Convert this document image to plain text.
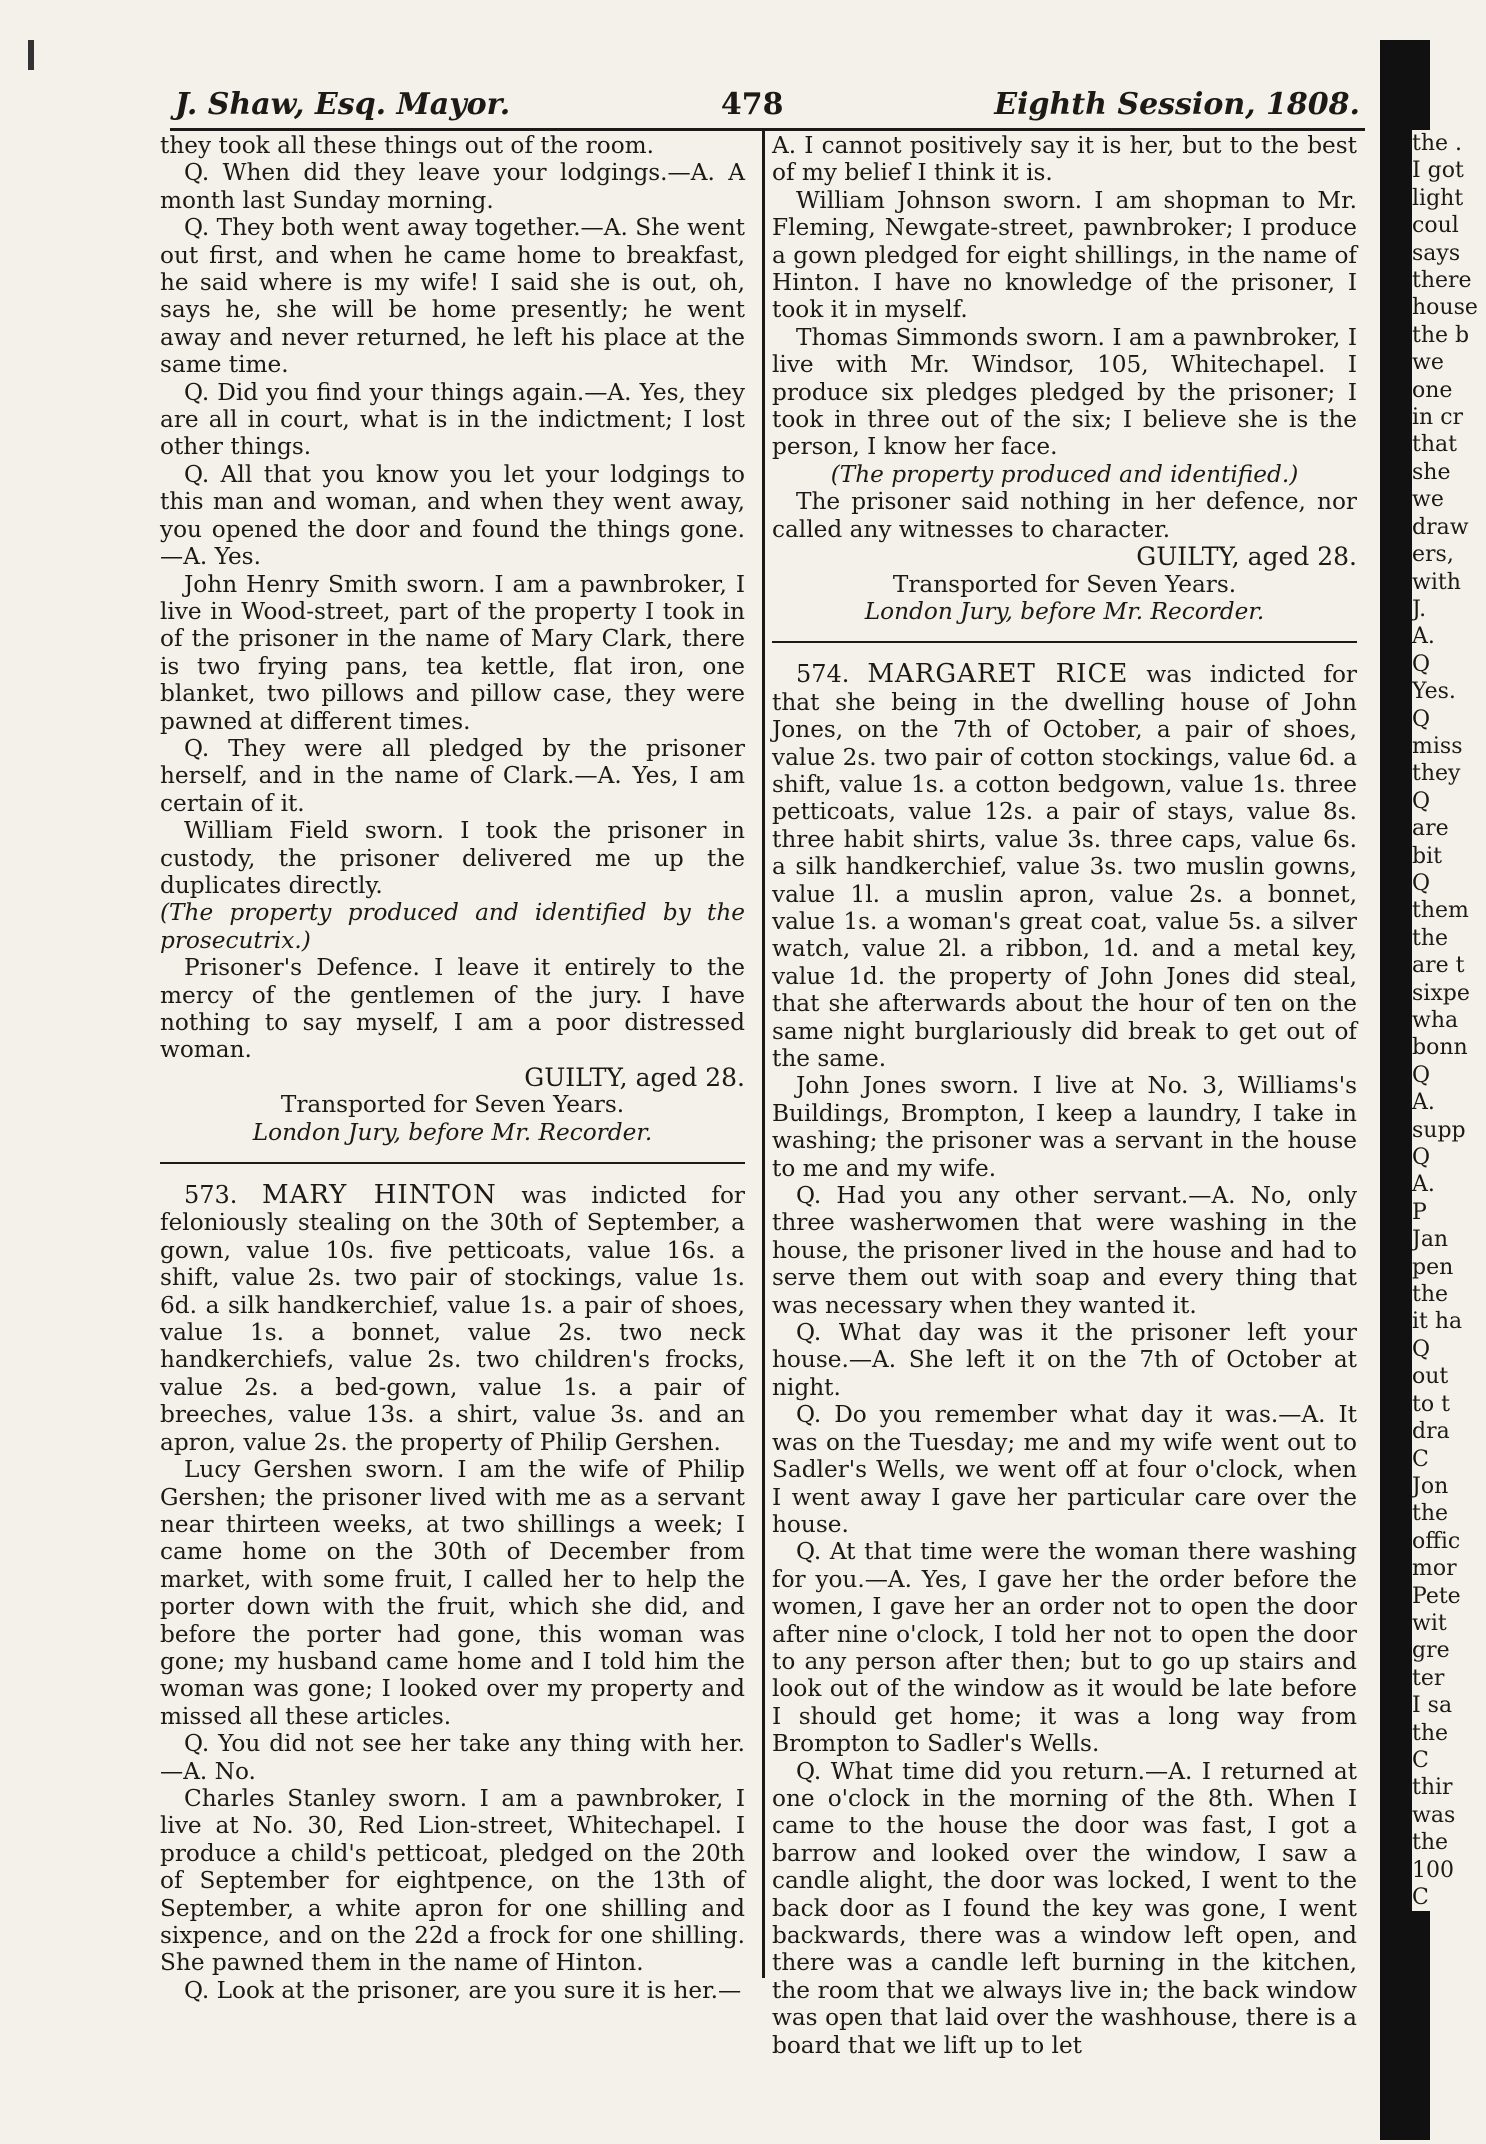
J. Shaw, Esq. Mayor.	478	Eighth Session, 1808.

they took all these things out of the room.

Q. When did they leave your lodgings.—A. A month last Sunday morning.

Q. They both went away together.—A. She went out first, and when he came home to breakfast, he said where is my wife! I said she is out, oh, says he, she will be home presently; he went away and never returned, he left his place at the same time.

Q. Did you find your things again.—A. Yes, they are all in court, what is in the indictment; I lost other things.

Q. All that you know you let your lodgings to this man and woman, and when they went away, you opened the door and found the things gone.—A. Yes.

John Henry Smith sworn. I am a pawnbroker, I live in Wood-street, part of the property I took in of the prisoner in the name of Mary Clark, there is two frying pans, tea kettle, flat iron, one blanket, two pillows and pillow case, they were pawned at different times.

Q. They were all pledged by the prisoner herself, and in the name of Clark.—A. Yes, I am certain of it.

William Field sworn. I took the prisoner in custody, the prisoner delivered me up the duplicates directly.

(The property produced and identified by the prosecutrix.)

Prisoner's Defence. I leave it entirely to the mercy of the gentlemen of the jury. I have nothing to say myself, I am a poor distressed woman.

GUILTY, aged 28.

Transported for Seven Years.

London Jury, before Mr. Recorder.

573. MARY HINTON was indicted for feloniously stealing on the 30th of September, a gown, value 10s. five petticoats, value 16s. a shift, value 2s. two pair of stockings, value 1s. 6d. a silk handkerchief, value 1s. a pair of shoes, value 1s. a bonnet, value 2s. two neck handkerchiefs, value 2s. two children's frocks, value 2s. a bed-gown, value 1s. a pair of breeches, value 13s. a shirt, value 3s. and an apron, value 2s. the property of Philip Gershen.

Lucy Gershen sworn. I am the wife of Philip Gershen; the prisoner lived with me as a servant near thirteen weeks, at two shillings a week; I came home on the 30th of December from market, with some fruit, I called her to help the porter down with the fruit, which she did, and before the porter had gone, this woman was gone; my husband came home and I told him the woman was gone; I looked over my property and missed all these articles.

Q. You did not see her take any thing with her.—A. No.

Charles Stanley sworn. I am a pawnbroker, I live at No. 30, Red Lion-street, Whitechapel. I produce a child's petticoat, pledged on the 20th of September for eightpence, on the 13th of September, a white apron for one shilling and sixpence, and on the 22d a frock for one shilling. She pawned them in the name of Hinton.

Q. Look at the prisoner, are you sure it is her.—

A. I cannot positively say it is her, but to the best of my belief I think it is.

William Johnson sworn. I am shopman to Mr. Fleming, Newgate-street, pawnbroker; I produce a gown pledged for eight shillings, in the name of Hinton. I have no knowledge of the prisoner, I took it in myself.

Thomas Simmonds sworn. I am a pawnbroker, I live with Mr. Windsor, 105, Whitechapel. I produce six pledges pledged by the prisoner; I took in three out of the six; I believe she is the person, I know her face.

(The property produced and identified.)

The prisoner said nothing in her defence, nor called any witnesses to character.

GUILTY, aged 28.

Transported for Seven Years.

London Jury, before Mr. Recorder.

574. MARGARET RICE was indicted for that she being in the dwelling house of John Jones, on the 7th of October, a pair of shoes, value 2s. two pair of cotton stockings, value 6d. a shift, value 1s. a cotton bedgown, value 1s. three petticoats, value 12s. a pair of stays, value 8s. three habit shirts, value 3s. three caps, value 6s. a silk handkerchief, value 3s. two muslin gowns, value 1l. a muslin apron, value 2s. a bonnet, value 1s. a woman's great coat, value 5s. a silver watch, value 2l. a ribbon, 1d. and a metal key, value 1d. the property of John Jones did steal, that she afterwards about the hour of ten on the same night burglariously did break to get out of the same.

John Jones sworn. I live at No. 3, Williams's Buildings, Brompton, I keep a laundry, I take in washing; the prisoner was a servant in the house to me and my wife.

Q. Had you any other servant.—A. No, only three washerwomen that were washing in the house, the prisoner lived in the house and had to serve them out with soap and every thing that was necessary when they wanted it.

Q. What day was it the prisoner left your house.—A. She left it on the 7th of October at night.

Q. Do you remember what day it was.—A. It was on the Tuesday; me and my wife went out to Sadler's Wells, we went off at four o'clock, when I went away I gave her particular care over the house.

Q. At that time were the woman there washing for you.—A. Yes, I gave her the order before the women, I gave her an order not to open the door after nine o'clock, I told her not to open the door to any person after then; but to go up stairs and look out of the window as it would be late before I should get home; it was a long way from Brompton to Sadler's Wells.

Q. What time did you return.—A. I returned at one o'clock in the morning of the 8th. When I came to the house the door was fast, I got a barrow and looked over the window, I saw a candle alight, the door was locked, I went to the back door as I found the key was gone, I went backwards, there was a window left open, and there was a candle left burning in the kitchen, the room that we always live in; the back window was open that laid over the washhouse, there is a board that we lift up to let

the .
I got
light
coul
says
there
house
the b
we
one
in cr
that
she
we
draw
ers,
with
J.
A.
Q
Yes.
Q
miss
they
Q
are
bit
Q
them
the
are t
sixpe
wha
bonn
Q
A.
supp
Q
A.
P
Jan
pen
the
it ha
Q
out
to t
dra
C
Jon
the
offic
mor
Pete
wit
gre
ter
I sa
the
C
thir
was
the
100
C
